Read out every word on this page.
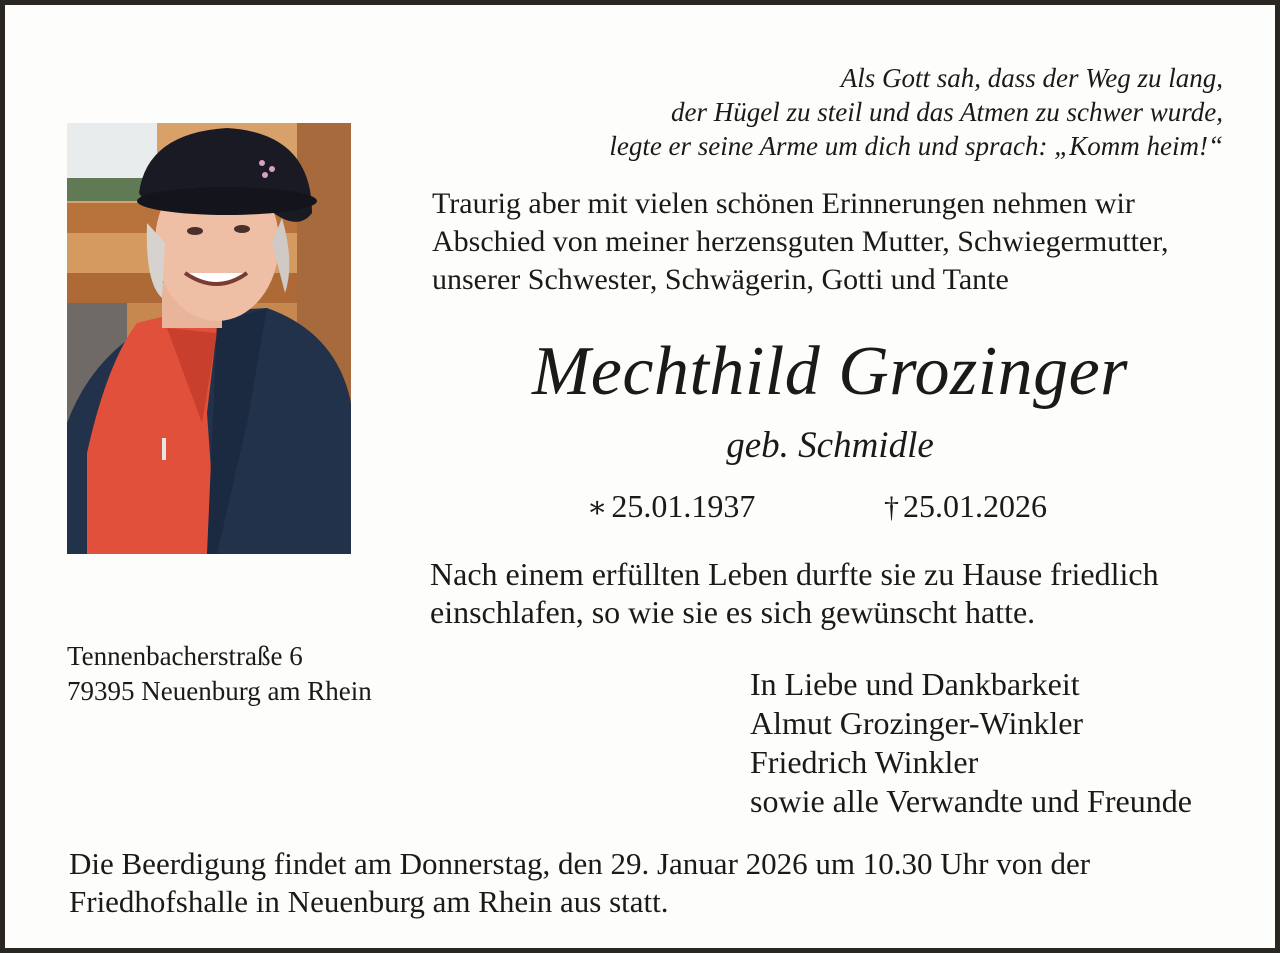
Als Gott sah, dass der Weg zu lang,
der Hügel zu steil und das Atmen zu schwer wurde,
legte er seine Arme um dich und sprach: „Komm heim!“
Traurig aber mit vielen schönen Erinnerungen nehmen wir
Abschied von meiner herzensguten Mutter, Schwiegermutter,
unserer Schwester, Schwägerin, Gotti und Tante
Mechthild Grozinger
geb. Schmidle
∗ 25.01.1937	† 25.01.2026
Nach einem erfüllten Leben durfte sie zu Hause friedlich
einschlafen, so wie sie es sich gewünscht hatte.
Tennenbacherstraße 6
79395 Neuenburg am Rhein	In Liebe und Dankbarkeit
Almut Grozinger-Winkler
Friedrich Winkler
sowie alle Verwandte und Freunde
Die Beerdigung findet am Donnerstag, den 29. Januar 2026 um 10.30 Uhr von der
Friedhofshalle in Neuenburg am Rhein aus statt.
